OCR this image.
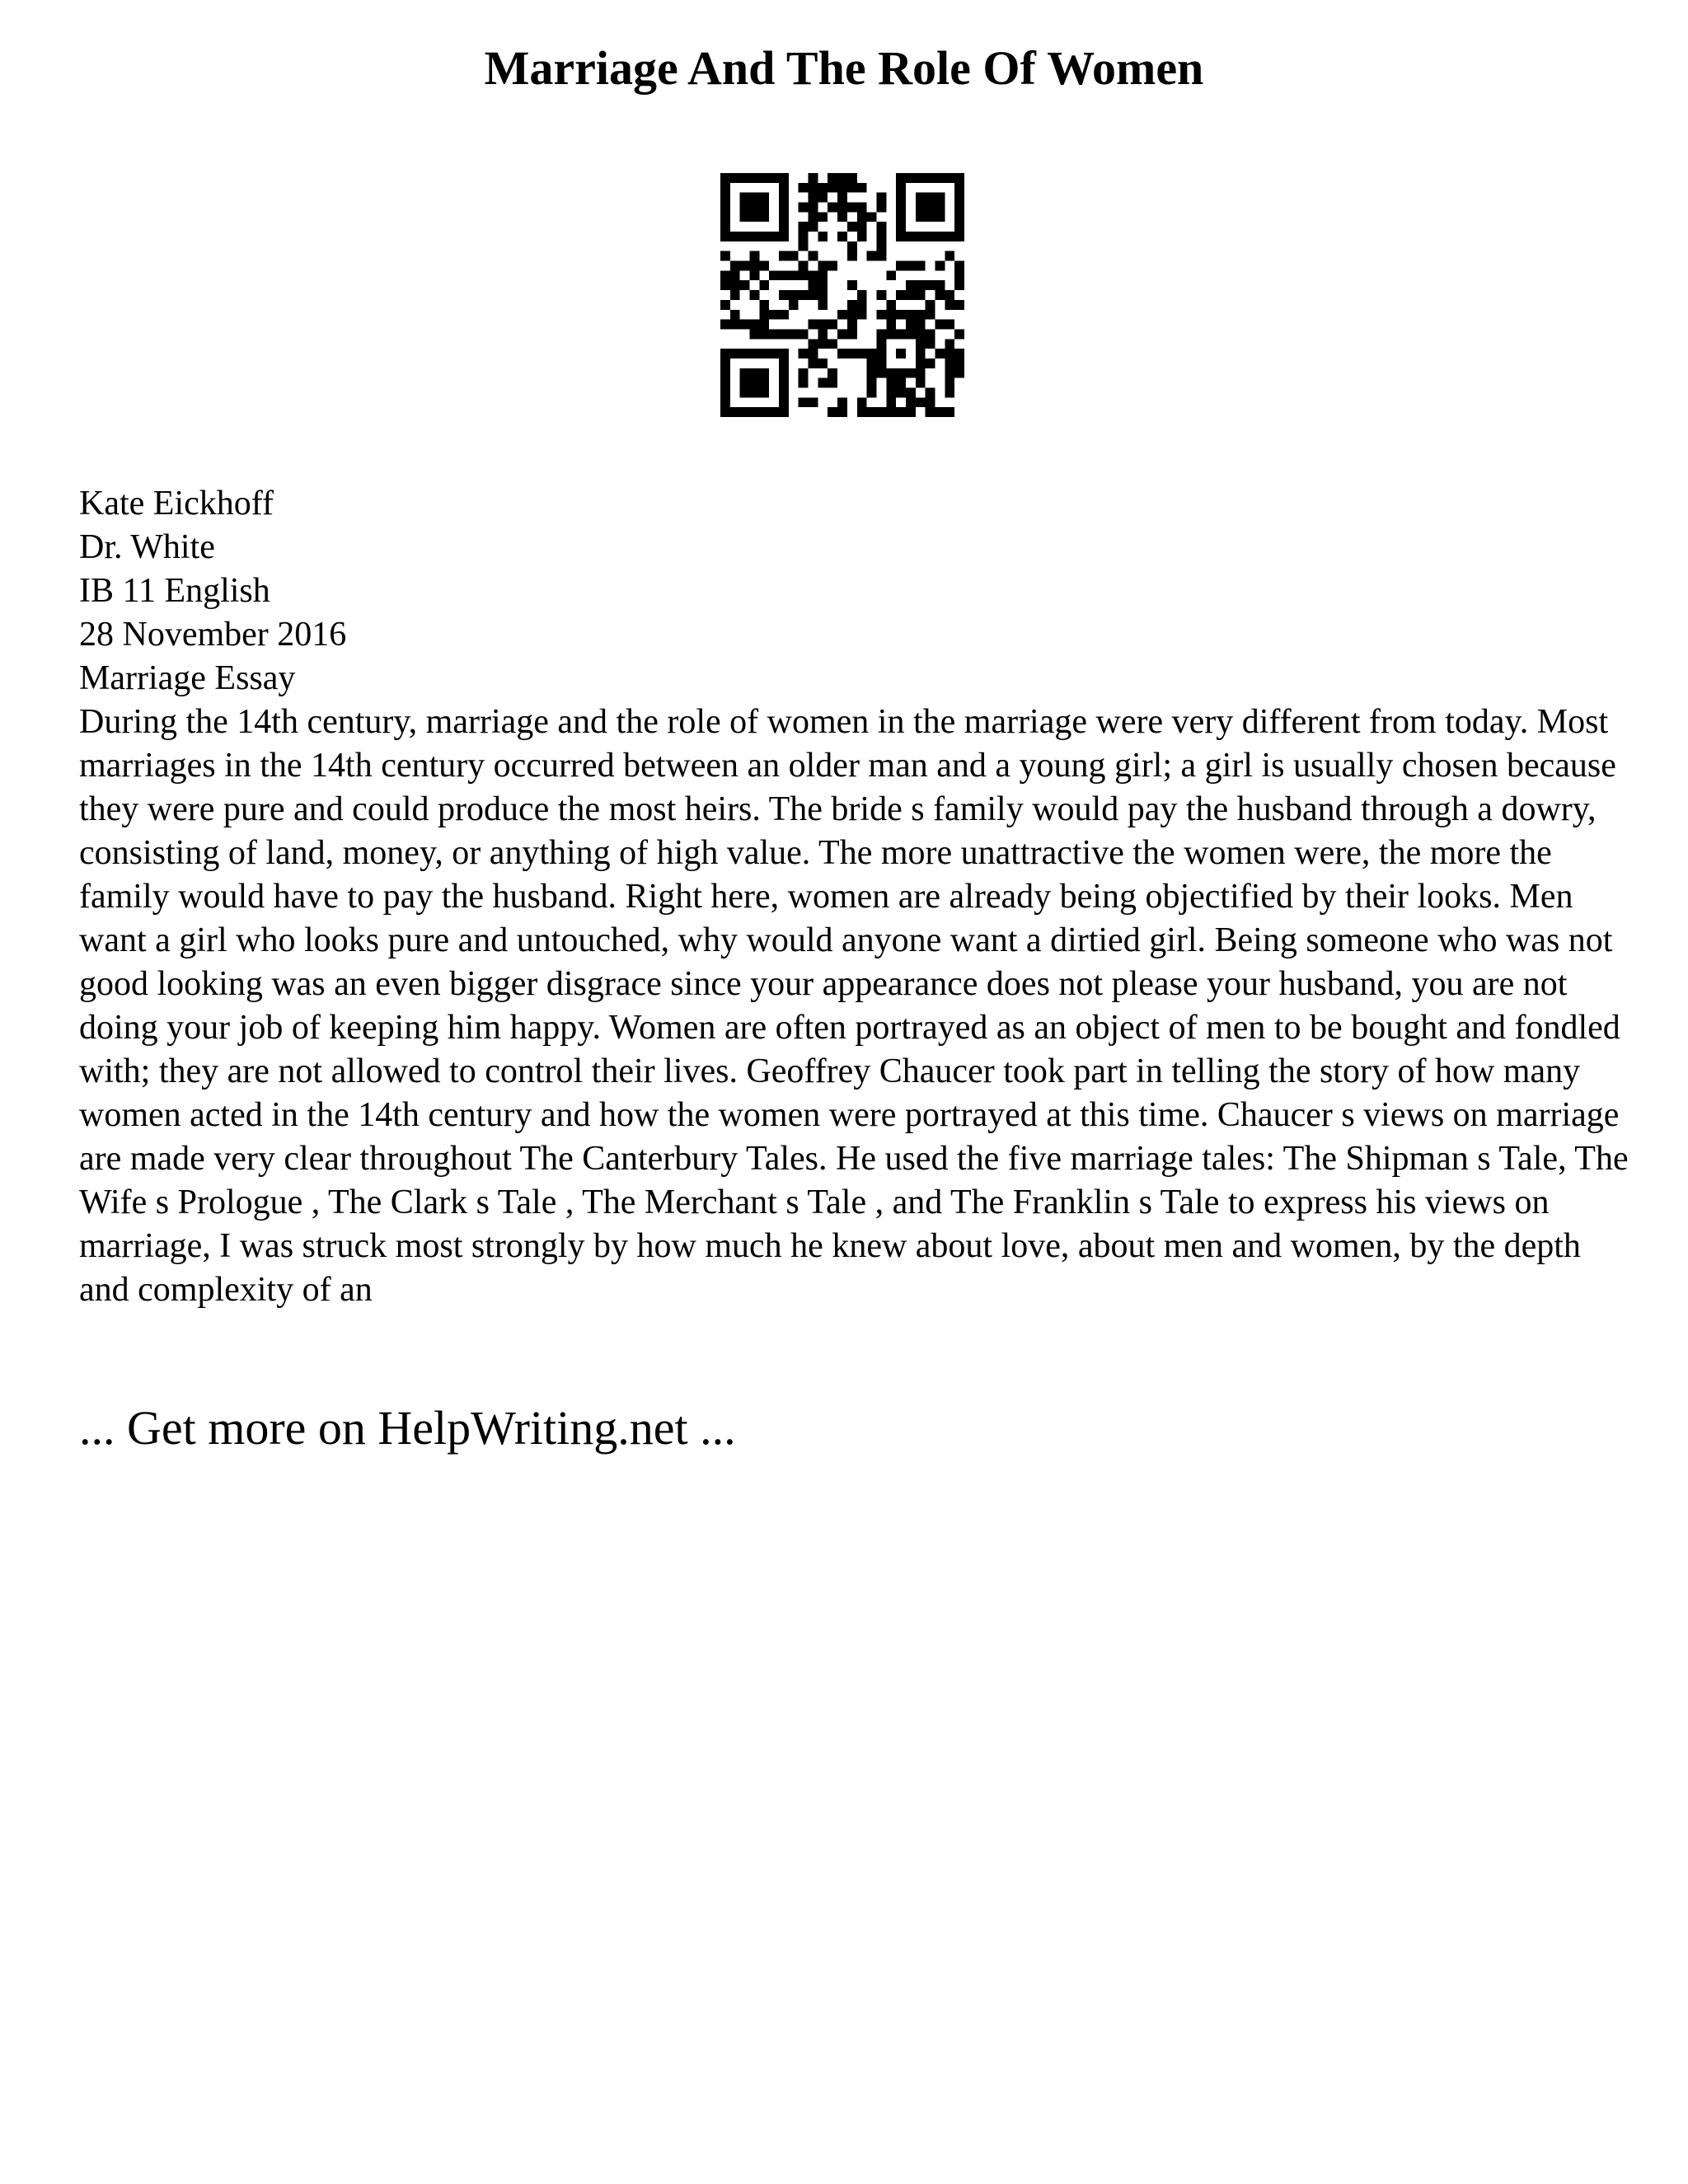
Marriage And The Role Of Women
Kate Eickhoff
Dr. White
IB 11 English
28 November 2016
Marriage Essay

During the 14th century, marriage and the role of women in the marriage were very different from today. Most marriages in the 14th century occurred between an older man and a young girl; a girl is usually chosen because they were pure and could produce the most heirs. The bride s family would pay the husband through a dowry, consisting of land, money, or anything of high value. The more unattractive the women were, the more the family would have to pay the husband. Right here, women are already being objectified by their looks. Men want a girl who looks pure and untouched, why would anyone want a dirtied girl. Being someone who was not good looking was an even bigger disgrace since your appearance does not please your husband, you are not doing your job of keeping him happy. Women are often portrayed as an object of men to be bought and fondled with; they are not allowed to control their lives. Geoffrey Chaucer took part in telling the story of how many women acted in the 14th century and how the women were portrayed at this time. Chaucer s views on marriage are made very clear throughout The Canterbury Tales. He used the five marriage tales: The Shipman s Tale, The Wife s Prologue , The Clark s Tale , The Merchant s Tale , and The Franklin s Tale to express his views on marriage, I was struck most strongly by how much he knew about love, about men and women, by the depth and complexity of an

... Get more on HelpWriting.net ...
